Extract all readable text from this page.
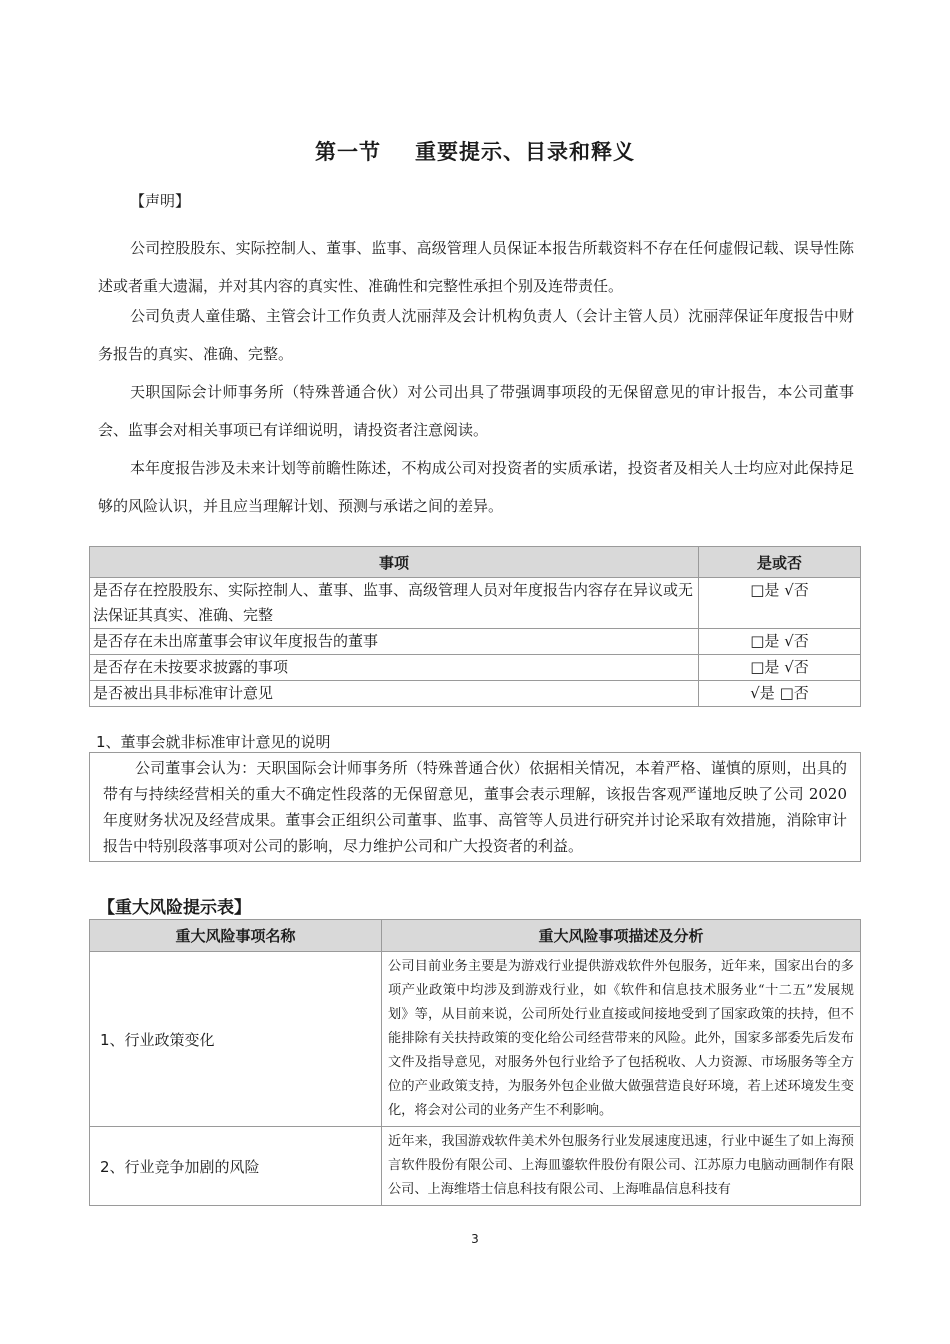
第一节 重要提示、目录和释义
【声明】
公司控股股东、实际控制人、董事、监事、高级管理人员保证本报告所载资料不存在任何虚假记载、误导性陈述或者重大遗漏，并对其内容的真实性、准确性和完整性承担个别及连带责任。
公司负责人童佳璐、主管会计工作负责人沈丽萍及会计机构负责人（会计主管人员）沈丽萍保证年度报告中财务报告的真实、准确、完整。
天职国际会计师事务所（特殊普通合伙）对公司出具了带强调事项段的无保留意见的审计报告，本公司董事会、监事会对相关事项已有详细说明，请投资者注意阅读。
本年度报告涉及未来计划等前瞻性陈述，不构成公司对投资者的实质承诺，投资者及相关人士均应对此保持足够的风险认识，并且应当理解计划、预测与承诺之间的差异。
事项	是或否
是否存在控股股东、实际控制人、董事、监事、高级管理人员对年度报告内容存在异议或无法保证其真实、准确、完整	□是 √否
是否存在未出席董事会审议年度报告的董事	□是 √否
是否存在未按要求披露的事项	□是 √否
是否被出具非标准审计意见	√是 □否
1、董事会就非标准审计意见的说明
公司董事会认为：天职国际会计师事务所（特殊普通合伙）依据相关情况，本着严格、谨慎的原则，出具的带有与持续经营相关的重大不确定性段落的无保留意见，董事会表示理解，该报告客观严谨地反映了公司 2020 年度财务状况及经营成果。董事会正组织公司董事、监事、高管等人员进行研究并讨论采取有效措施，消除审计报告中特别段落事项对公司的影响，尽力维护公司和广大投资者的利益。
【重大风险提示表】
重大风险事项名称	重大风险事项描述及分析
1、行业政策变化	公司目前业务主要是为游戏行业提供游戏软件外包服务，近年来，国家出台的多项产业政策中均涉及到游戏行业，如《软件和信息技术服务业“十二五”发展规划》等，从目前来说，公司所处行业直接或间接地受到了国家政策的扶持，但不能排除有关扶持政策的变化给公司经营带来的风险。此外，国家多部委先后发布文件及指导意见，对服务外包行业给予了包括税收、人力资源、市场服务等全方位的产业政策支持，为服务外包企业做大做强营造良好环境，若上述环境发生变化，将会对公司的业务产生不利影响。
2、行业竞争加剧的风险	近年来，我国游戏软件美术外包服务行业发展速度迅速，行业中诞生了如上海预言软件股份有限公司、上海皿鎏软件股份有限公司、江苏原力电脑动画制作有限公司、上海维塔士信息科技有限公司、上海唯晶信息科技有
3
